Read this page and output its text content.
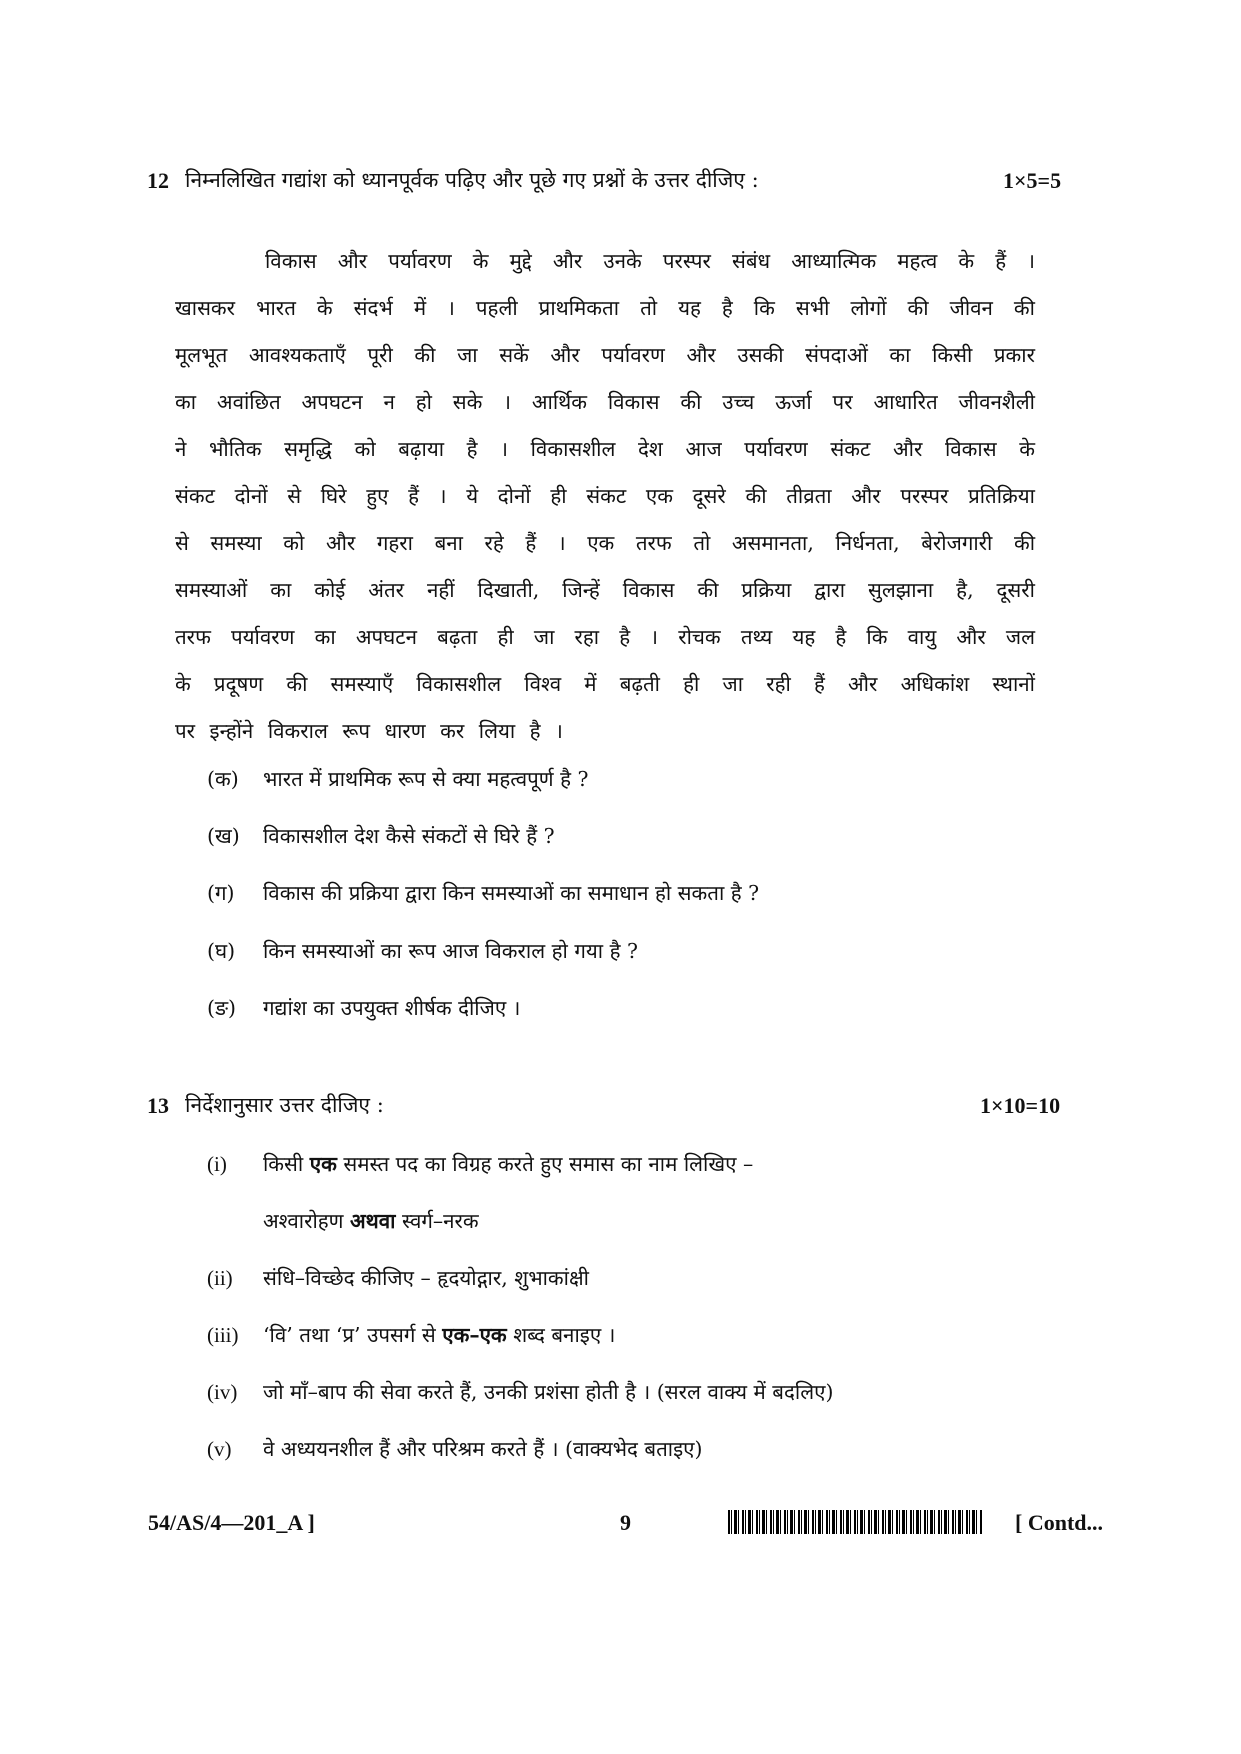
12 निम्नलिखित गद्यांश को ध्यानपूर्वक पढ़िए और पूछे गए प्रश्नों के उत्तर दीजिए :	1×5=5
विकास और पर्यावरण के मुद्दे और उनके परस्पर संबंध आध्यात्मिक महत्व के हैं ।
खासकर भारत के संदर्भ में । पहली प्राथमिकता तो यह है कि सभी लोगों की जीवन की
मूलभूत आवश्यकताएँ पूरी की जा सकें और पर्यावरण और उसकी संपदाओं का किसी प्रकार
का अवांछित अपघटन न हो सके । आर्थिक विकास की उच्च ऊर्जा पर आधारित जीवनशैली
ने भौतिक समृद्धि को बढ़ाया है । विकासशील देश आज पर्यावरण संकट और विकास के
संकट दोनों से घिरे हुए हैं । ये दोनों ही संकट एक दूसरे की तीव्रता और परस्पर प्रतिक्रिया
से समस्या को और गहरा बना रहे हैं । एक तरफ तो असमानता, निर्धनता, बेरोजगारी की
समस्याओं का कोई अंतर नहीं दिखाती, जिन्हें विकास की प्रक्रिया द्वारा सुलझाना है, दूसरी
तरफ पर्यावरण का अपघटन बढ़ता ही जा रहा है । रोचक तथ्य यह है कि वायु और जल
के प्रदूषण की समस्याएँ विकासशील विश्व में बढ़ती ही जा रही हैं और अधिकांश स्थानों
पर इन्होंने विकराल रूप धारण कर लिया है ।
(क) भारत में प्राथमिक रूप से क्या महत्वपूर्ण है ?
(ख) विकासशील देश कैसे संकटों से घिरे हैं ?
(ग) विकास की प्रक्रिया द्वारा किन समस्याओं का समाधान हो सकता है ?
(घ) किन समस्याओं का रूप आज विकराल हो गया है ?
(ङ) गद्यांश का उपयुक्त शीर्षक दीजिए ।
13 निर्देशानुसार उत्तर दीजिए :	1×10=10
(i) किसी एक समस्त पद का विग्रह करते हुए समास का नाम लिखिए –
अश्वारोहण अथवा स्वर्ग–नरक
(ii) संधि–विच्छेद कीजिए – हृदयोद्गार, शुभाकांक्षी
(iii) ‘वि’ तथा ‘प्र’ उपसर्ग से एक–एक शब्द बनाइए ।
(iv) जो माँ–बाप की सेवा करते हैं, उनकी प्रशंसा होती है । (सरल वाक्य में बदलिए)
(v) वे अध्ययनशील हैं और परिश्रम करते हैं । (वाक्यभेद बताइए)
54/AS/4—201_A ]	9	[ Contd...
